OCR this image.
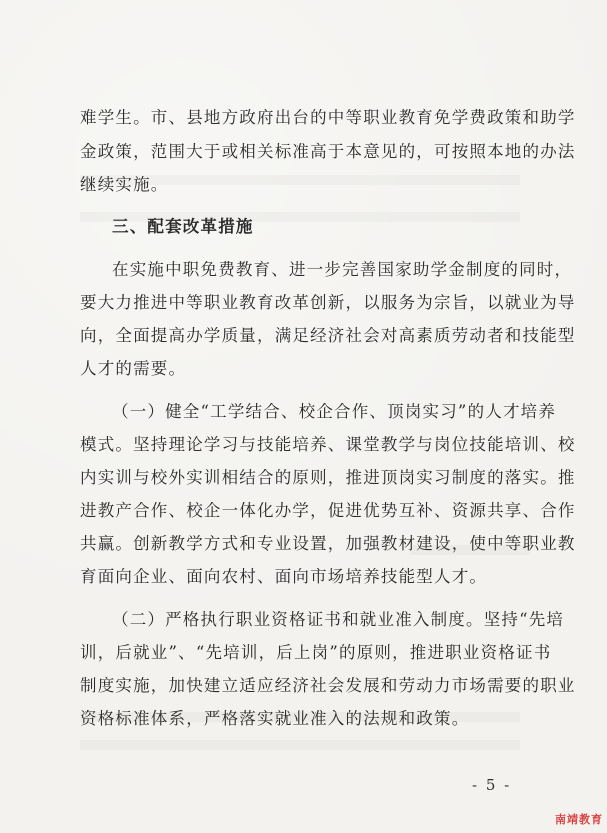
难学生。市、县地方政府出台的中等职业教育免学费政策和助学
金政策，范围大于或相关标准高于本意见的，可按照本地的办法
继续实施。
三、配套改革措施
在实施中职免费教育、进一步完善国家助学金制度的同时，
要大力推进中等职业教育改革创新，以服务为宗旨，以就业为导
向，全面提高办学质量，满足经济社会对高素质劳动者和技能型
人才的需要。
（一）健全“工学结合、校企合作、顶岗实习”的人才培养
模式。坚持理论学习与技能培养、课堂教学与岗位技能培训、校
内实训与校外实训相结合的原则，推进顶岗实习制度的落实。推
进教产合作、校企一体化办学，促进优势互补、资源共享、合作
共赢。创新教学方式和专业设置，加强教材建设，使中等职业教
育面向企业、面向农村、面向市场培养技能型人才。
（二）严格执行职业资格证书和就业准入制度。坚持“先培
训，后就业”、“先培训，后上岗”的原则，推进职业资格证书
制度实施，加快建立适应经济社会发展和劳动力市场需要的职业
资格标准体系，严格落实就业准入的法规和政策。
- 5 -
南靖教育
